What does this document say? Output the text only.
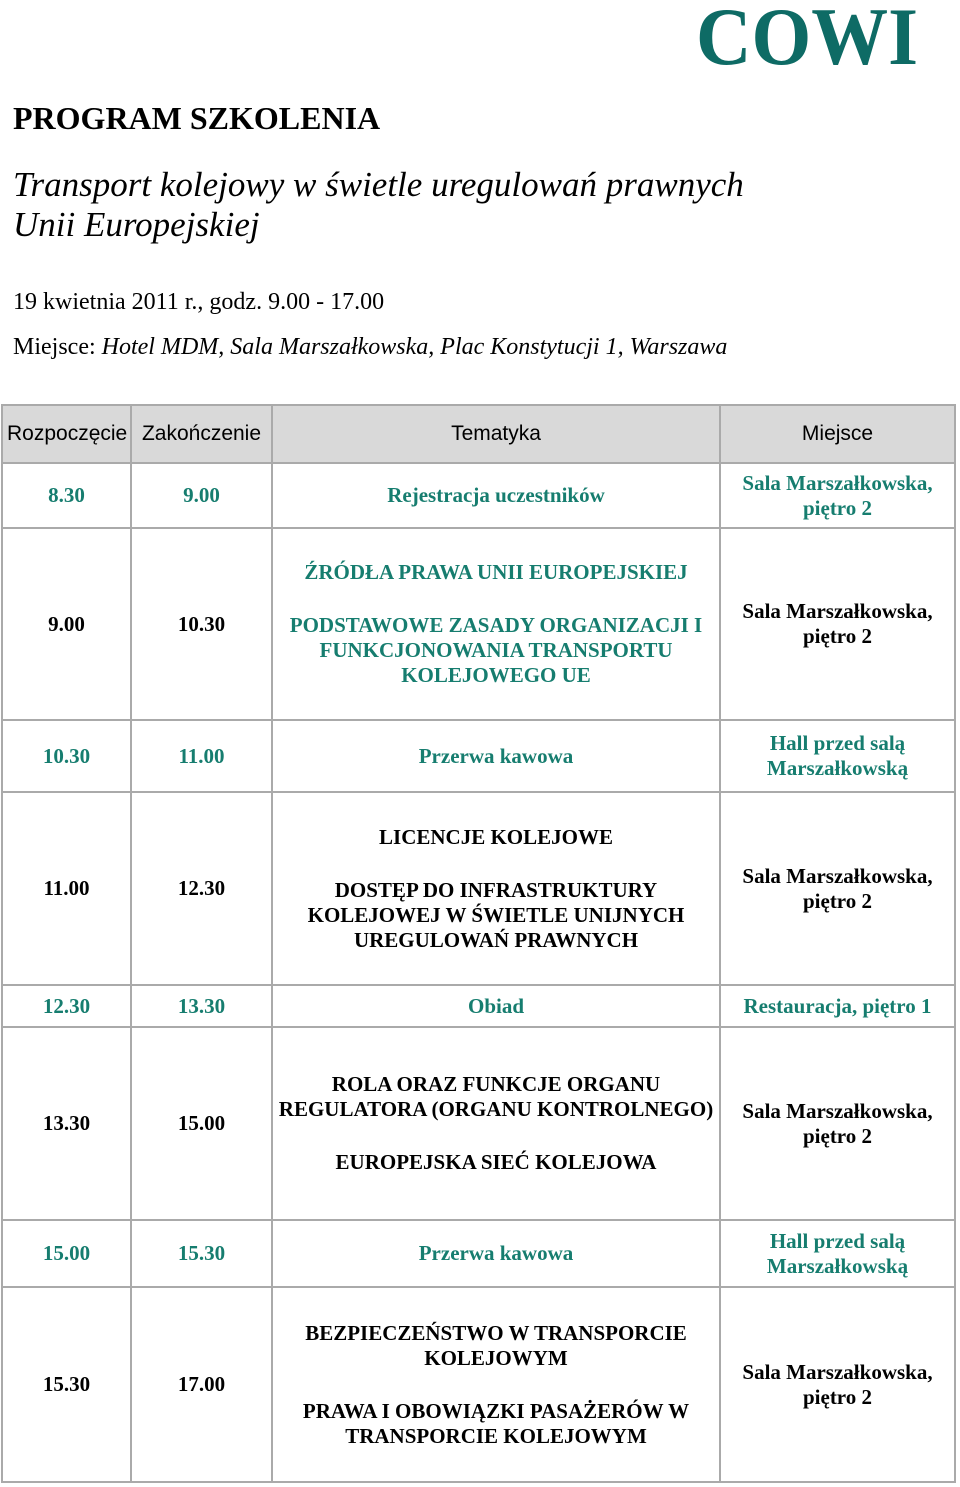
COWI
PROGRAM SZKOLENIA
Transport kolejowy w świetle uregulowań prawnych
Unii Europejskiej
19 kwietnia 2011 r., godz. 9.00 - 17.00
Miejsce: Hotel MDM, Sala Marszałkowska, Plac Konstytucji 1, Warszawa
Rozpoczęcie	Zakończenie	Tematyka	Miejsce
8.30	9.00	Rejestracja uczestników	Sala Marszałkowska,
piętro 2
9.00	10.30	ŹRÓDŁA PRAWA UNII EUROPEJSKIEJ
PODSTAWOWE ZASADY ORGANIZACJI I FUNKCJONOWANIA TRANSPORTU KOLEJOWEGO UE	Sala Marszałkowska,
piętro 2
10.30	11.00	Przerwa kawowa	Hall przed salą
Marszałkowską
11.00	12.30	LICENCJE KOLEJOWE
DOSTĘP DO INFRASTRUKTURY KOLEJOWEJ W ŚWIETLE UNIJNYCH UREGULOWAŃ PRAWNYCH	Sala Marszałkowska,
piętro 2
12.30	13.30	Obiad	Restauracja, piętro 1
13.30	15.00	ROLA ORAZ FUNKCJE ORGANU REGULATORA (ORGANU KONTROLNEGO)
EUROPEJSKA SIEĆ KOLEJOWA	Sala Marszałkowska,
piętro 2
15.00	15.30	Przerwa kawowa	Hall przed salą
Marszałkowską
15.30	17.00	BEZPIECZEŃSTWO W TRANSPORCIE KOLEJOWYM
PRAWA I OBOWIĄZKI PASAŻERÓW W TRANSPORCIE KOLEJOWYM	Sala Marszałkowska,
piętro 2
